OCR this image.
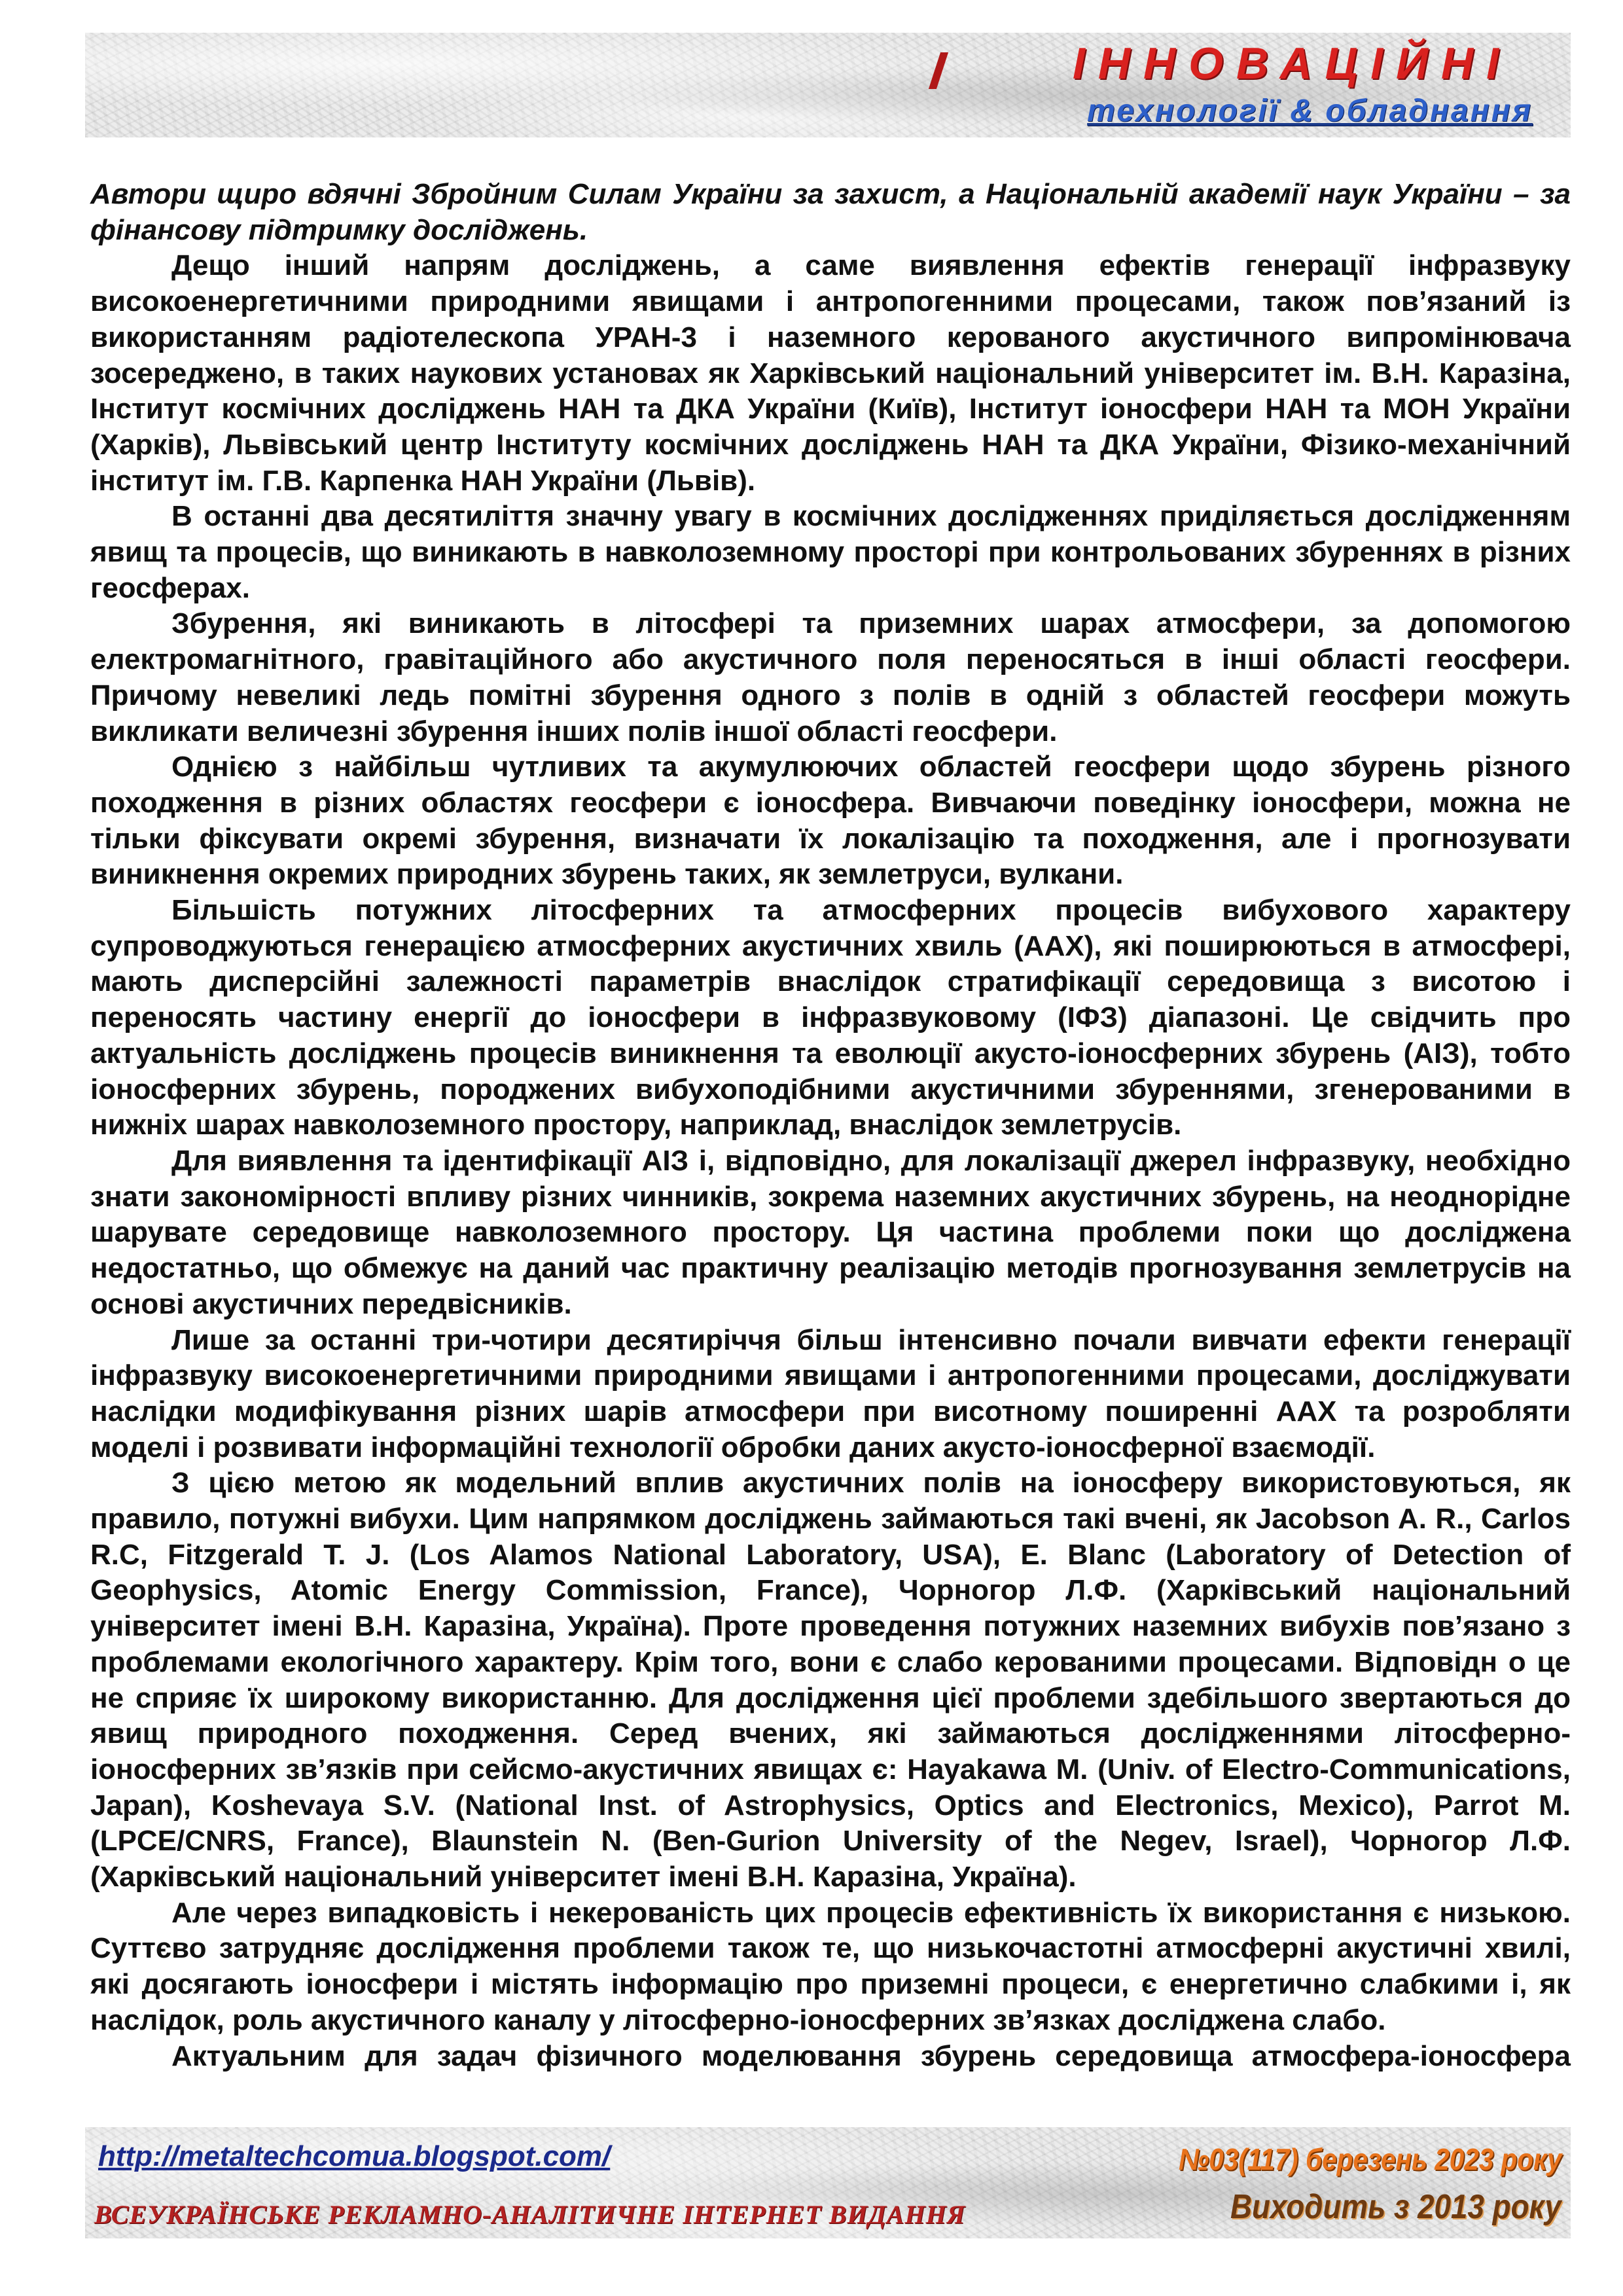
ІННОВАЦІЙНІ
технології & обладнання

Автори щиро вдячні Збройним Силам України за захист, а Національній академії наук України – за фінансову підтримку досліджень.

Дещо інший напрям досліджень, а саме виявлення ефектів генерації інфразвуку високоенергетичними природними явищами і антропогенними процесами, також пов’язаний із використанням радіотелескопа УРАН-3 і наземного керованого акустичного випромінювача зосереджено, в таких наукових установах як Харківський національний університет ім. В.Н. Каразіна, Інститут космічних досліджень НАН та ДКА України (Київ), Інститут іоносфери НАН та МОН України (Харків), Львівський центр Інституту космічних досліджень НАН та ДКА України, Фізико-механічний інститут ім. Г.В. Карпенка НАН України (Львів).

В останні два десятиліття значну увагу в космічних дослідженнях приділяється дослідженням явищ та процесів, що виникають в навколоземному просторі при контрольованих збуреннях в різних геосферах.

Збурення, які виникають в літосфері та приземних шарах атмосфери, за допомогою електромагнітного, гравітаційного або акустичного поля переносяться в інші області геосфери. Причому невеликі ледь помітні збурення одного з полів в одній з областей геосфери можуть викликати величезні збурення інших полів іншої області геосфери.

Однією з найбільш чутливих та акумулюючих областей геосфери щодо збурень різного походження в різних областях геосфери є іоносфера. Вивчаючи поведінку іоносфери, можна не тільки фіксувати окремі збурення, визначати їх локалізацію та походження, але і прогнозувати виникнення окремих природних збурень таких, як землетруси, вулкани.

Більшість потужних літосферних та атмосферних процесів вибухового характеру супроводжуються генерацією атмосферних акустичних хвиль (ААХ), які поширюються в атмосфері, мають дисперсійні залежності параметрів внаслідок стратифікації середовища з висотою і переносять частину енергії до іоносфери в інфразвуковому (ІФЗ) діапазоні. Це свідчить про актуальність досліджень процесів виникнення та еволюції акусто-іоносферних збурень (АІЗ), тобто іоносферних збурень, породжених вибухоподібними акустичними збуреннями, згенерованими в нижніх шарах навколоземного простору, наприклад, внаслідок землетрусів.

Для виявлення та ідентифікації АІЗ і, відповідно, для локалізації джерел інфразвуку, необхідно знати закономірності впливу різних чинників, зокрема наземних акустичних збурень, на неоднорідне шарувате середовище навколоземного простору. Ця частина проблеми поки що досліджена недостатньо, що обмежує на даний час практичну реалізацію методів прогнозування землетрусів на основі акустичних передвісників.

Лише за останні три-чотири десятиріччя більш інтенсивно почали вивчати ефекти генерації інфразвуку високоенергетичними природними явищами і антропогенними процесами, досліджувати наслідки модифікування різних шарів атмосфери при висотному поширенні ААХ та розробляти моделі і розвивати інформаційні технології обробки даних акусто-іоносферної взаємодії.

З цією метою як модельний вплив акустичних полів на іоносферу використовуються, як правило, потужні вибухи. Цим напрямком досліджень займаються такі вчені, як Jacobson A. R., Carlos R.C, Fitzgerald T. J. (Los Alamos National Laboratory, USA), E. Blanc (Laboratory of Detection of Geophysics, Atomic Energy Commission, France), Чорногор Л.Ф. (Харківський національний університет імені В.Н. Каразіна, Україна). Проте проведення потужних наземних вибухів пов’язано з проблемами екологічного характеру. Крім того, вони є слабо керованими процесами. Відповідн о це не сприяє їх широкому використанню. Для дослідження цієї проблеми здебільшого звертаються до явищ природного походження. Серед вчених, які займаються дослідженнями літосферно-іоносферних зв’язків при сейсмо-акустичних явищах є: Hayakawa M. (Univ. of Electro-Communications, Japan), Koshevaya S.V. (National Inst. of Astrophysics, Optics and Electronics, Mexico), Parrot M. (LPCE/CNRS, France), Blaunstein N. (Ben-Gurion University of the Negev, Israel), Чорногор Л.Ф. (Харківський національний університет імені В.Н. Каразіна, Україна).

Але через випадковість і некерованість цих процесів ефективність їх використання є низькою. Суттєво затрудняє дослідження проблеми також те, що низькочастотні атмосферні акустичні хвилі, які досягають іоносфери і містять інформацію про приземні процеси, є енергетично слабкими і, як наслідок, роль акустичного каналу у літосферно-іоносферних зв’язках досліджена слабо.

Актуальним для задач фізичного моделювання збурень середовища атмосфера-іоносфера

http://metaltechcomua.blogspot.com/
ВСЕУКРАЇНСЬКЕ РЕКЛАМНО-АНАЛІТИЧНЕ ІНТЕРНЕТ ВИДАННЯ
№03(117) березень 2023 року
Виходить з 2013 року
